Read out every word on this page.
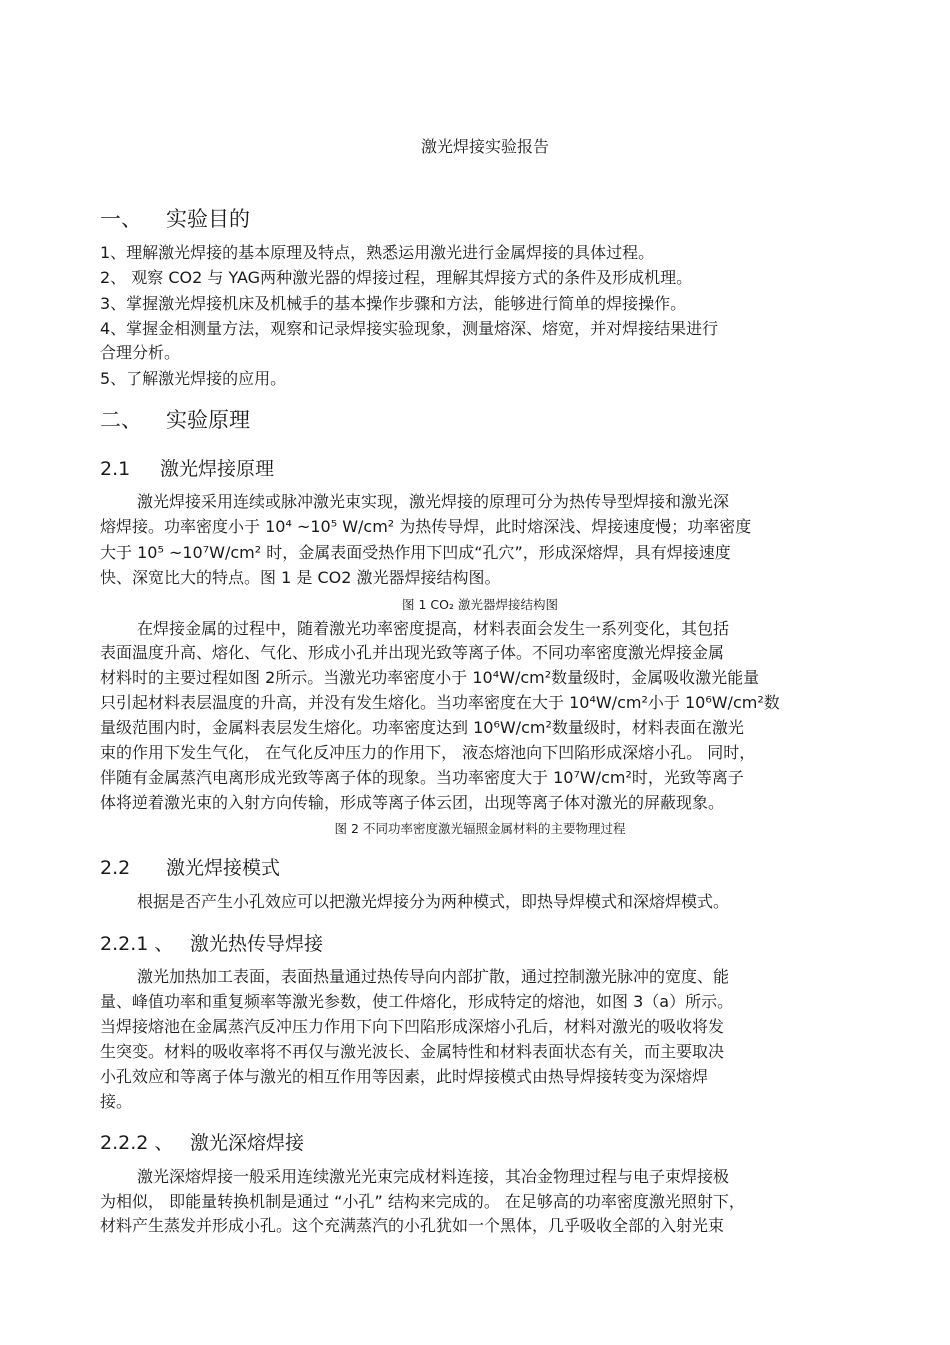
激光焊接实验报告
一、 实验目的
1、理解激光焊接的基本原理及特点，熟悉运用激光进行金属焊接的具体过程。
2、 观察 CO2 与 YAG两种激光器的焊接过程，理解其焊接方式的条件及形成机理。
3、掌握激光焊接机床及机械手的基本操作步骤和方法，能够进行简单的焊接操作。
4、掌握金相测量方法，观察和记录焊接实验现象，测量熔深、熔宽，并对焊接结果进行
合理分析。
5、了解激光焊接的应用。
二、 实验原理
2.1 激光焊接原理
激光焊接采用连续或脉冲激光束实现，激光焊接的原理可分为热传导型焊接和激光深
熔焊接。功率密度小于 10⁴ ~10⁵ W/cm² 为热传导焊，此时熔深浅、焊接速度慢；功率密度
大于 10⁵ ~10⁷W/cm² 时，金属表面受热作用下凹成“孔穴”，形成深熔焊，具有焊接速度
快、深宽比大的特点。图 1 是 CO2 激光器焊接结构图。
图 1 CO₂ 激光器焊接结构图
在焊接金属的过程中，随着激光功率密度提高，材料表面会发生一系列变化，其包括
表面温度升高、熔化、气化、形成小孔并出现光致等离子体。不同功率密度激光焊接金属
材料时的主要过程如图 2所示。当激光功率密度小于 10⁴W/cm²数量级时，金属吸收激光能量
只引起材料表层温度的升高，并没有发生熔化。当功率密度在大于 10⁴W/cm²小于 10⁶W/cm²数
量级范围内时，金属料表层发生熔化。功率密度达到 10⁶W/cm²数量级时，材料表面在激光
束的作用下发生气化， 在气化反冲压力的作用下， 液态熔池向下凹陷形成深熔小孔。 同时，
伴随有金属蒸汽电离形成光致等离子体的现象。当功率密度大于 10⁷W/cm²时，光致等离子
体将逆着激光束的入射方向传输，形成等离子体云团，出现等离子体对激光的屏蔽现象。
图 2 不同功率密度激光辐照金属材料的主要物理过程
2.2 激光焊接模式
根据是否产生小孔效应可以把激光焊接分为两种模式，即热导焊模式和深熔焊模式。
2.2.1 、 激光热传导焊接
激光加热加工表面，表面热量通过热传导向内部扩散，通过控制激光脉冲的宽度、能
量、峰值功率和重复频率等激光参数，使工件熔化，形成特定的熔池，如图 3（a）所示。
当焊接熔池在金属蒸汽反冲压力作用下向下凹陷形成深熔小孔后，材料对激光的吸收将发
生突变。材料的吸收率将不再仅与激光波长、金属特性和材料表面状态有关，而主要取决
小孔效应和等离子体与激光的相互作用等因素，此时焊接模式由热导焊接转变为深熔焊
接。
2.2.2 、 激光深熔焊接
激光深熔焊接一般采用连续激光光束完成材料连接，其冶金物理过程与电子束焊接极
为相似， 即能量转换机制是通过 “小孔” 结构来完成的。 在足够高的功率密度激光照射下，
材料产生蒸发并形成小孔。这个充满蒸汽的小孔犹如一个黑体，几乎吸收全部的入射光束
